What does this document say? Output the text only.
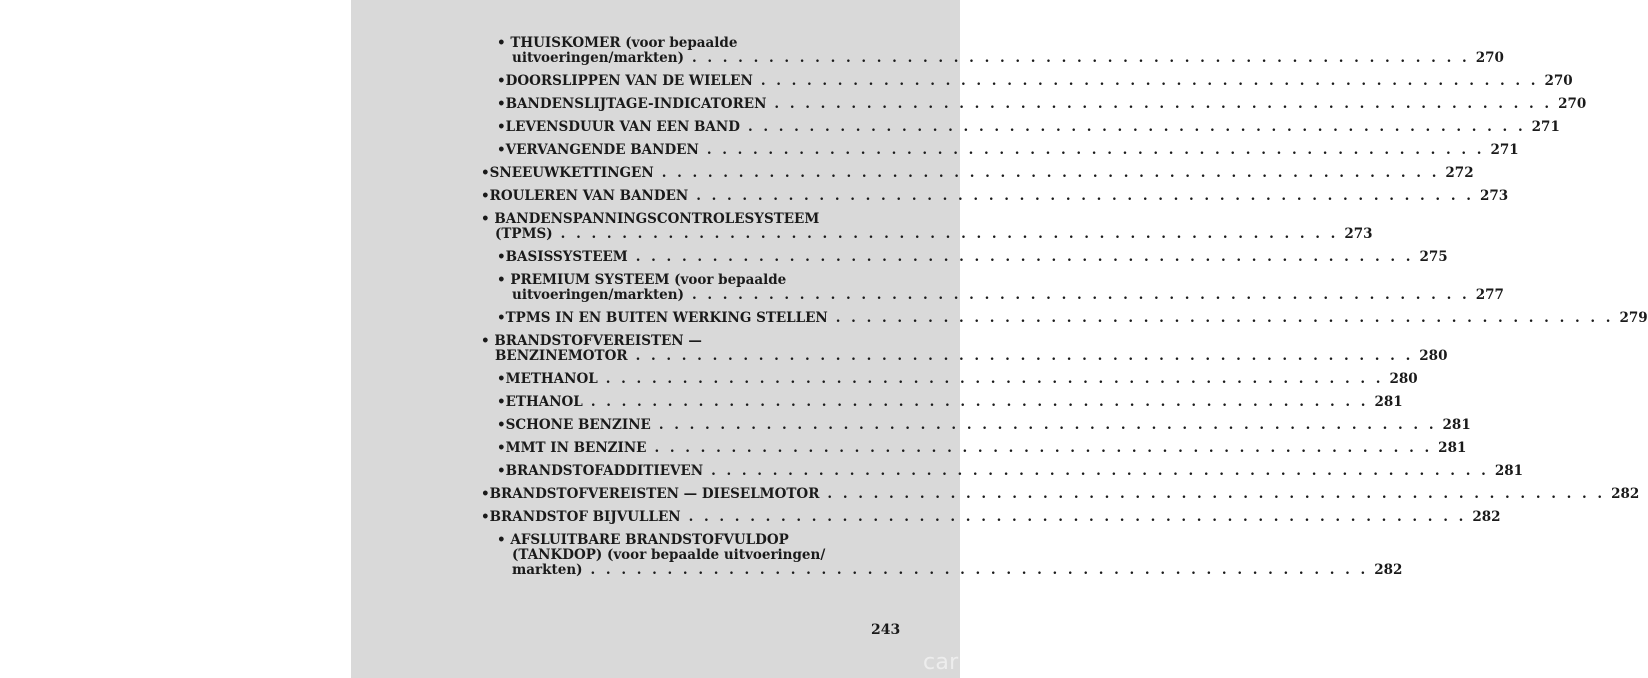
• THUISKOMER (voor bepaalde
uitvoeringen/markten) . . .	270
• DOORSLIPPEN VAN DE WIELEN . . .	270
• BANDENSLIJTAGE-INDICATOREN . . .	270
• LEVENSDUUR VAN EEN BAND . . .	271
• VERVANGENDE BANDEN . . .	271
• SNEEUWKETTINGEN . . .	272
• ROULEREN VAN BANDEN . . .	273
• BANDENSPANNINGSCONTROLESYSTEEM
(TPMS) . . .	273
• BASISSYSTEEM . . .	275
• PREMIUM SYSTEEM (voor bepaalde
uitvoeringen/markten) . . .	277
• TPMS IN EN BUITEN WERKING STELLEN . . .	279
• BRANDSTOFVEREISTEN —
BENZINEMOTOR . . .	280
• METHANOL . . .	280
• ETHANOL . . .	281
• SCHONE BENZINE . . .	281
• MMT IN BENZINE . . .	281
• BRANDSTOFADDITIEVEN . . .	281
• BRANDSTOFVEREISTEN — DIESELMOTOR . . .	282
• BRANDSTOF BIJVULLEN . . .	282
• AFSLUITBARE BRANDSTOFVULDOP
(TANKDOP) (voor bepaalde uitvoeringen/
markten) . . .	282
243
carmanualsonline.info
